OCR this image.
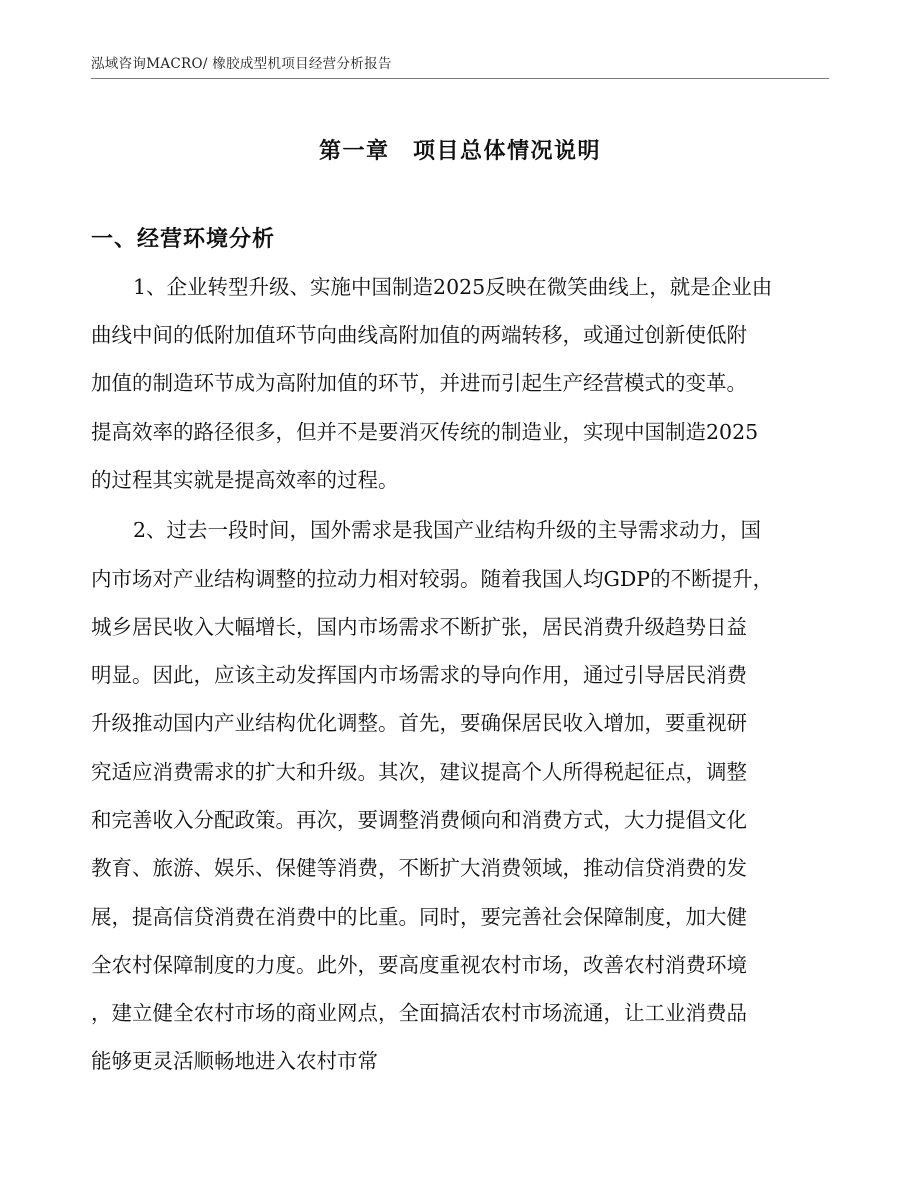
泓域咨询MACRO/ 橡胶成型机项目经营分析报告
第一章　项目总体情况说明
一、经营环境分析
1、企业转型升级、实施中国制造2025反映在微笑曲线上，就是企业由
曲线中间的低附加值环节向曲线高附加值的两端转移，或通过创新使低附
加值的制造环节成为高附加值的环节，并进而引起生产经营模式的变革。
提高效率的路径很多，但并不是要消灭传统的制造业，实现中国制造2025
的过程其实就是提高效率的过程。
2、过去一段时间，国外需求是我国产业结构升级的主导需求动力，国
内市场对产业结构调整的拉动力相对较弱。随着我国人均GDP的不断提升，
城乡居民收入大幅增长，国内市场需求不断扩张，居民消费升级趋势日益
明显。因此，应该主动发挥国内市场需求的导向作用，通过引导居民消费
升级推动国内产业结构优化调整。首先，要确保居民收入增加，要重视研
究适应消费需求的扩大和升级。其次，建议提高个人所得税起征点，调整
和完善收入分配政策。再次，要调整消费倾向和消费方式，大力提倡文化
教育、旅游、娱乐、保健等消费，不断扩大消费领域，推动信贷消费的发
展，提高信贷消费在消费中的比重。同时，要完善社会保障制度，加大健
全农村保障制度的力度。此外，要高度重视农村市场，改善农村消费环境
，建立健全农村市场的商业网点，全面搞活农村市场流通，让工业消费品
能够更灵活顺畅地进入农村市常
